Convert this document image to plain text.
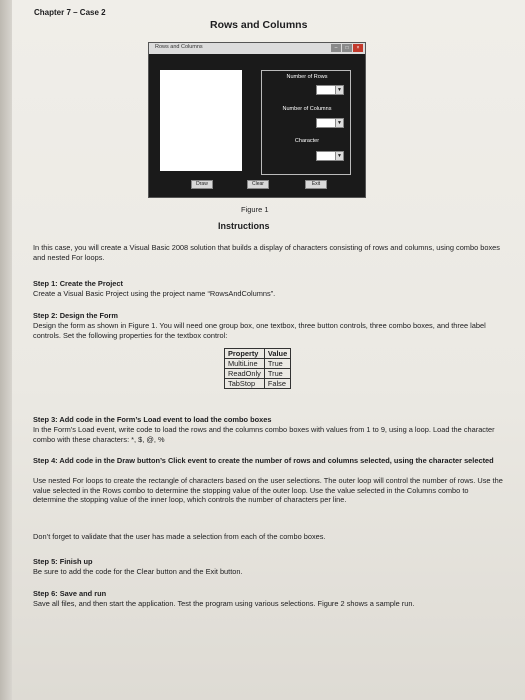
Chapter 7 – Case 2
Rows and Columns
Rows and Columns	–	□	×
Number of Rows
▼
Number of Columns
▼
Character
▼
Draw	Clear	Exit
Figure 1
Instructions
In this case, you will create a Visual Basic 2008 solution that builds a display of characters consisting of rows and columns, using combo boxes and nested For loops.
Step 1: Create the Project
Create a Visual Basic Project using the project name “RowsAndColumns”.
Step 2: Design the Form
Design the form as shown in Figure 1. You will need one group box, one textbox, three button controls, three combo boxes, and three label controls. Set the following properties for the textbox control:
Property	Value
MultiLine	True
ReadOnly	True
TabStop	False
Step 3: Add code in the Form’s Load event to load the combo boxes
In the Form’s Load event, write code to load the rows and the columns combo boxes with values from 1 to 9, using a loop. Load the character combo with these characters: *, $, @, %
Step 4: Add code in the Draw button’s Click event to create the number of rows and columns selected, using the character selected
Use nested For loops to create the rectangle of characters based on the user selections. The outer loop will control the number of rows. Use the value selected in the Rows combo to determine the stopping value of the outer loop. Use the value selected in the Columns combo to determine the stopping value of the inner loop, which controls the number of characters per line.
Don’t forget to validate that the user has made a selection from each of the combo boxes.
Step 5: Finish up
Be sure to add the code for the Clear button and the Exit button.
Step 6: Save and run
Save all files, and then start the application. Test the program using various selections. Figure 2 shows a sample run.
